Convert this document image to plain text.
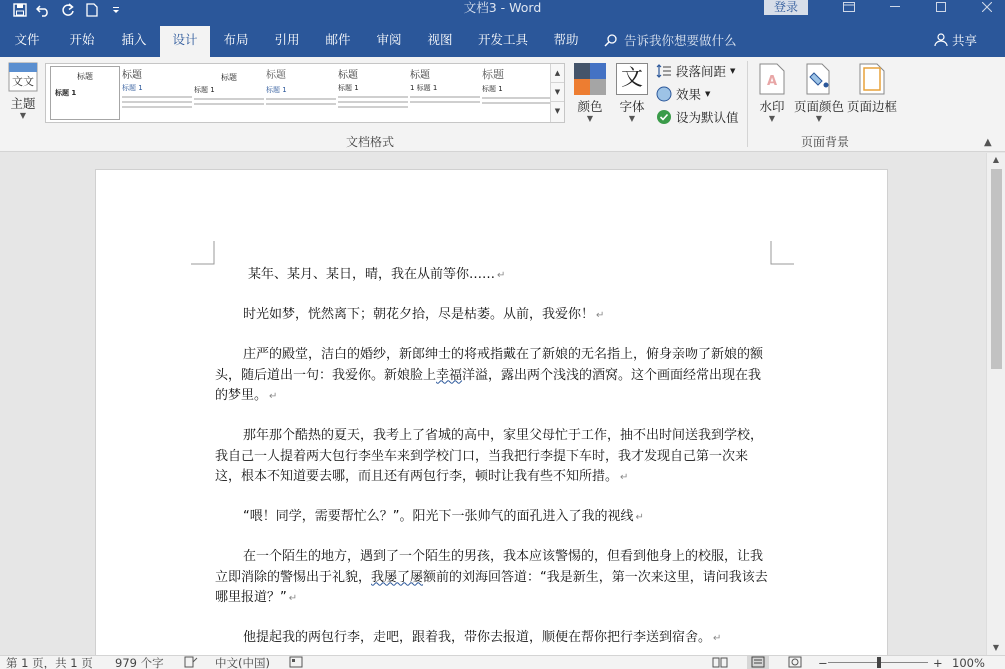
文档3 - Word	登录
文件	开始	插入	设计	布局	引用	邮件	审阅	视图	开发工具	帮助	告诉我你想要做什么	共享
文文
主题
▼
标题
标题 1
标题
标题 1
标题
标题 1
标题
标题 1
标题
标题 1
标题
1 标题 1
标题
标题 1
▲
▼
▼	颜色
▼
文
字体
▼
段落间距 ▼
效果 ▼
设为默认值
文档格式
A
水印
▼
页面颜色
▼
页面边框
页面背景	▲
某年、某月、某日，晴，我在从前等你…… ↵
时光如梦，恍然离下；朝花夕拾，尽是枯萎。从前，我爱你！ ↵
庄严的殿堂，洁白的婚纱，新郎绅士的将戒指戴在了新娘的无名指上，俯身亲吻了新娘的额头，随后道出一句：我爱你。新娘脸上幸福洋溢，露出两个浅浅的酒窝。这个画面经常出现在我的梦里。 ↵
那年那个酷热的夏天，我考上了省城的高中，家里父母忙于工作，抽不出时间送我到学校，我自己一人提着两大包行李坐车来到学校门口，当我把行李提下车时，我才发现自己第一次来这，根本不知道要去哪，而且还有两包行李，顿时让我有些不知所措。 ↵
“喂！同学，需要帮忙么？”。阳光下一张帅气的面孔进入了我的视线 ↵
在一个陌生的地方，遇到了一个陌生的男孩，我本应该警惕的，但看到他身上的校服，让我立即消除的警惕出于礼貌，我屡了屡额前的刘海回答道：“我是新生，第一次来这里，请问我该去哪里报道？” ↵
他提起我的两包行李，走吧，跟着我，带你去报道，顺便在帮你把行李送到宿舍。 ↵
▲
▼
第 1 页，共 1 页 979 个字	中文(中国)	−	+ 100%
